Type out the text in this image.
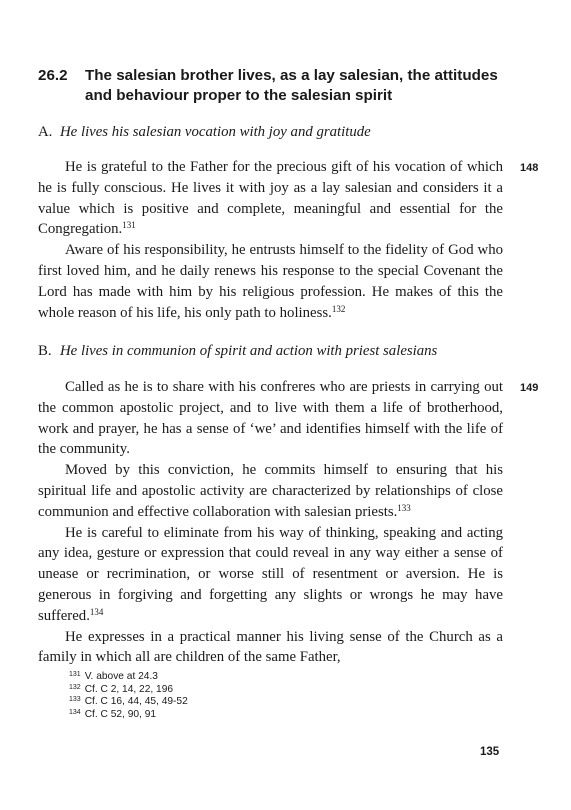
26.2 The salesian brother lives, as a lay salesian, the attitudes and behaviour proper to the salesian spirit
A. He lives his salesian vocation with joy and gratitude
148

He is grateful to the Father for the precious gift of his vocation of which he is fully conscious. He lives it with joy as a lay salesian and considers it a value which is positive and complete, meaningful and essential for the Congregation.$^{131}$

Aware of his responsibility, he entrusts himself to the fidelity of God who first loved him, and he daily renews his response to the special Covenant the Lord has made with him by his religious profession. He makes of this the whole reason of his life, his only path to holiness.$^{132}$

B. He lives in communion of spirit and action with priest salesians
149

Called as he is to share with his confreres who are priests in carrying out the common apostolic project, and to live with them a life of brotherhood, work and prayer, he has a sense of ‘we’ and identifies himself with the life of the community.

Moved by this conviction, he commits himself to ensuring that his spiritual life and apostolic activity are characterized by relationships of close communion and effective collaboration with salesian priests.$^{133}$

He is careful to eliminate from his way of thinking, speaking and acting any idea, gesture or expression that could reveal in any way either a sense of unease or recrimination, or worse still of resentment or aversion. He is generous in forgiving and forgetting any slights or wrongs he may have suffered.$^{134}$

He expresses in a practical manner his living sense of the Church as a family in which all are children of the same Father,

$^{131}$ V. above at 24.3
$^{132}$ Cf. C 2, 14, 22, 196
$^{133}$ Cf. C 16, 44, 45, 49-52
$^{134}$ Cf. C 52, 90, 91
135
